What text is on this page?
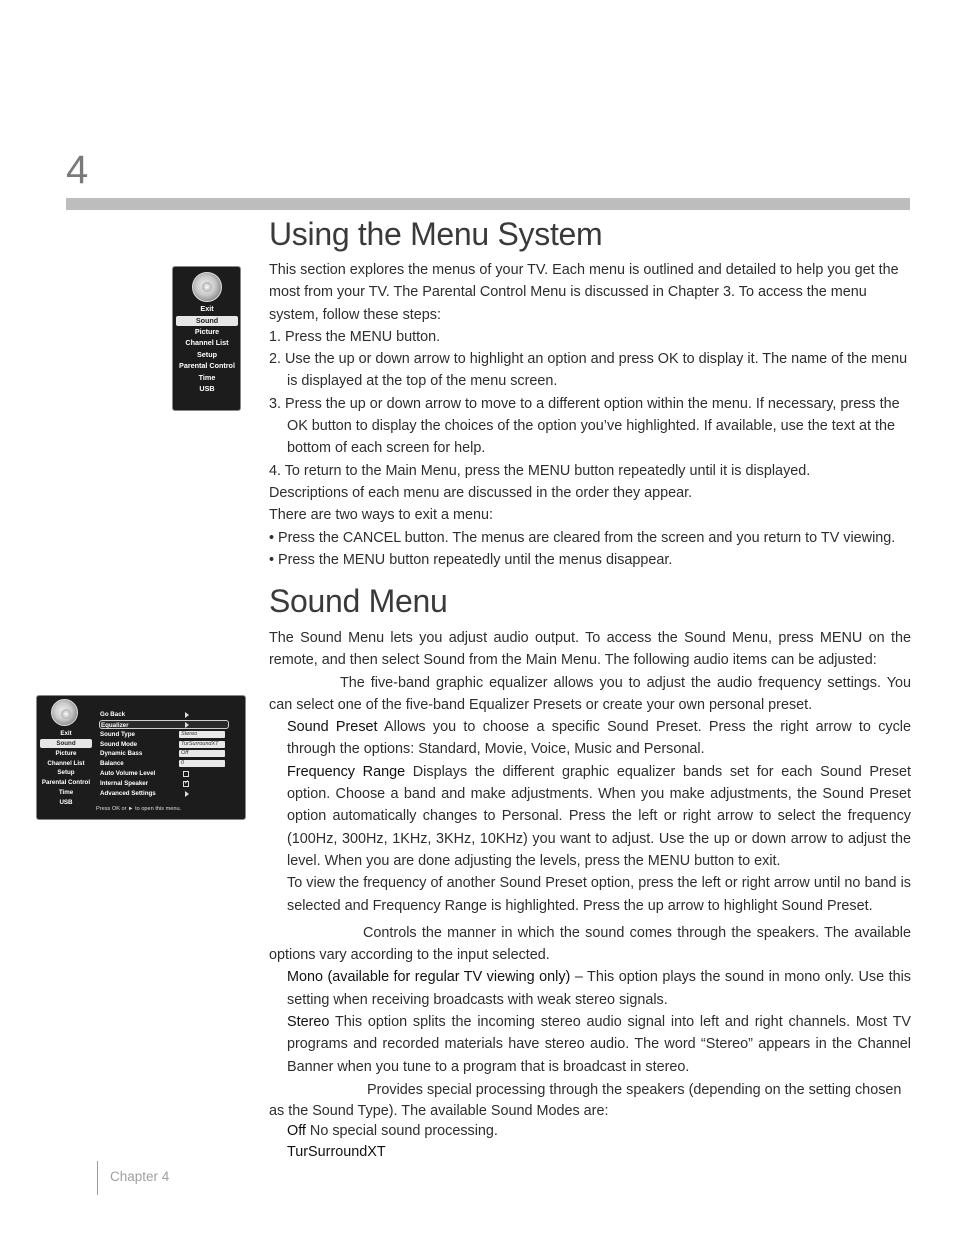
4
Using the Menu System
Exit
Sound
Picture
Channel List
Setup
Parental Control
Time
USB

This section explores the menus of your TV. Each menu is outlined and detailed to help you get the most from your TV. The Parental Control Menu is discussed in Chapter 3. To access the menu system, follow these steps:

1. Press the MENU button.

2. Use the up or down arrow to highlight an option and press OK to display it. The name of the menu is displayed at the top of the menu screen.

3. Press the up or down arrow to move to a different option within the menu. If necessary, press the OK button to display the choices of the option you’ve highlighted. If available, use the text at the bottom of each screen for help.

4. To return to the Main Menu, press the MENU button repeatedly until it is displayed.

Descriptions of each menu are discussed in the order they appear.

There are two ways to exit a menu:

• Press the CANCEL button. The menus are cleared from the screen and you return to TV viewing.

• Press the MENU button repeatedly until the menus disappear.

Sound Menu
Exit
Sound
Picture
Channel List
Setup
Parental Control
Time
USB
Go Back
Equalizer
Sound Type	Stereo
Sound Mode	TurSurroundXT
Dynamic Bass	Off
Balance	0
Auto Volume Level
Internal Speaker
✓
Advanced Settings
Press OK or ► to open this menu.

The Sound Menu lets you adjust audio output. To access the Sound Menu, press MENU on the remote, and then select Sound from the Main Menu. The following audio items can be adjusted:

The five-band graphic equalizer allows you to adjust the audio frequency settings. You can select one of the five-band Equalizer Presets or create your own personal preset.

Sound Preset Allows you to choose a specific Sound Preset. Press the right arrow to cycle through the options: Standard, Movie, Voice, Music and Personal.

Frequency Range Displays the different graphic equalizer bands set for each Sound Preset option. Choose a band and make adjustments. When you make adjustments, the Sound Preset option automatically changes to Personal. Press the left or right arrow to select the frequency (100Hz, 300Hz, 1KHz, 3KHz, 10KHz) you want to adjust. Use the up or down arrow to adjust the level. When you are done adjusting the levels, press the MENU button to exit.

To view the frequency of another Sound Preset option, press the left or right arrow until no band is selected and Frequency Range is highlighted. Press the up arrow to highlight Sound Preset.

Controls the manner in which the sound comes through the speakers. The available options vary according to the input selected.

Mono (available for regular TV viewing only) – This option plays the sound in mono only. Use this setting when receiving broadcasts with weak stereo signals.

Stereo This option splits the incoming stereo audio signal into left and right channels. Most TV programs and recorded materials have stereo audio. The word “Stereo” appears in the Channel Banner when you tune to a program that is broadcast in stereo.

Provides special processing through the speakers (depending on the setting chosen as the Sound Type). The available Sound Modes are:

Off No special sound processing.

TurSurroundXT

Chapter 4
